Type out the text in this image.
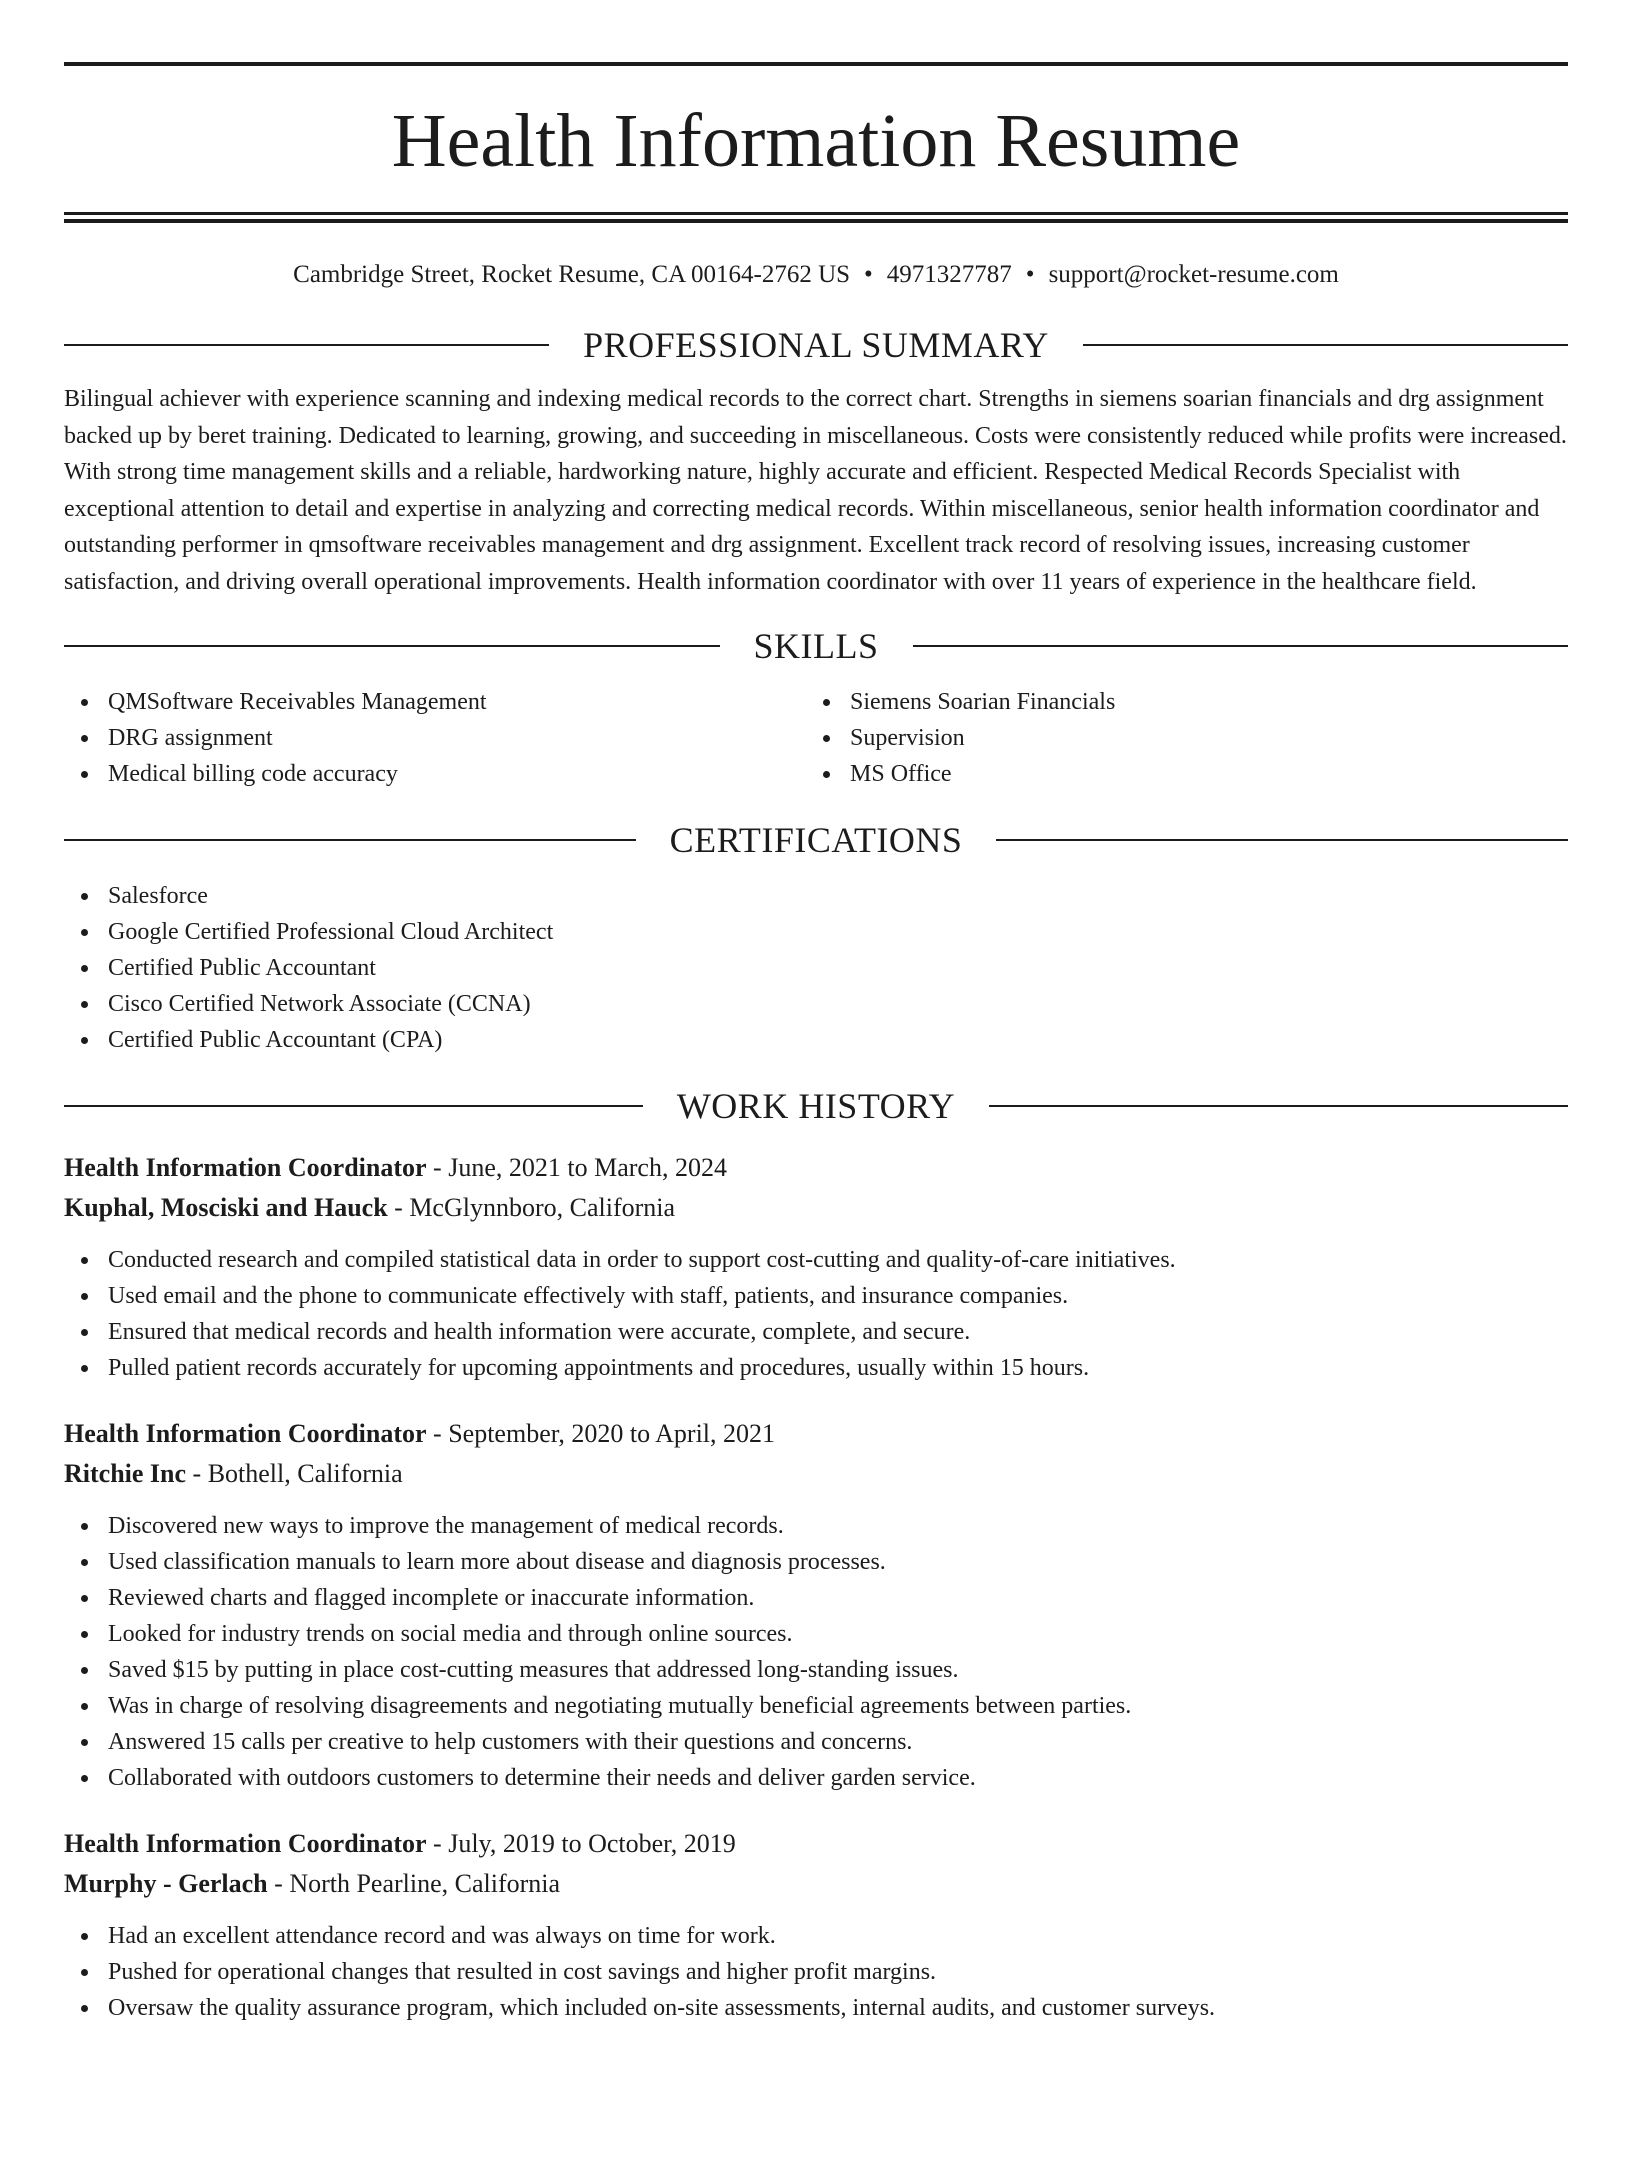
Health Information Resume
Cambridge Street, Rocket Resume, CA 00164-2762 US • 4971327787 • support@rocket-resume.com
PROFESSIONAL SUMMARY

Bilingual achiever with experience scanning and indexing medical records to the correct chart. Strengths in siemens soarian financials and drg assignment backed up by beret training. Dedicated to learning, growing, and succeeding in miscellaneous. Costs were consistently reduced while profits were increased. With strong time management skills and a reliable, hardworking nature, highly accurate and efficient. Respected Medical Records Specialist with exceptional attention to detail and expertise in analyzing and correcting medical records. Within miscellaneous, senior health information coordinator and outstanding performer in qmsoftware receivables management and drg assignment. Excellent track record of resolving issues, increasing customer satisfaction, and driving overall operational improvements. Health information coordinator with over 11 years of experience in the healthcare field.

SKILLS
QMSoftware Receivables Management
DRG assignment
Medical billing code accuracy
Siemens Soarian Financials
Supervision
MS Office
CERTIFICATIONS
Salesforce
Google Certified Professional Cloud Architect
Certified Public Accountant
Cisco Certified Network Associate (CCNA)
Certified Public Accountant (CPA)
WORK HISTORY
Health Information Coordinator - June, 2021 to March, 2024
Kuphal, Mosciski and Hauck - McGlynnboro, California
Conducted research and compiled statistical data in order to support cost-cutting and quality-of-care initiatives.
Used email and the phone to communicate effectively with staff, patients, and insurance companies.
Ensured that medical records and health information were accurate, complete, and secure.
Pulled patient records accurately for upcoming appointments and procedures, usually within 15 hours.
Health Information Coordinator - September, 2020 to April, 2021
Ritchie Inc - Bothell, California
Discovered new ways to improve the management of medical records.
Used classification manuals to learn more about disease and diagnosis processes.
Reviewed charts and flagged incomplete or inaccurate information.
Looked for industry trends on social media and through online sources.
Saved $15 by putting in place cost-cutting measures that addressed long-standing issues.
Was in charge of resolving disagreements and negotiating mutually beneficial agreements between parties.
Answered 15 calls per creative to help customers with their questions and concerns.
Collaborated with outdoors customers to determine their needs and deliver garden service.
Health Information Coordinator - July, 2019 to October, 2019
Murphy - Gerlach - North Pearline, California
Had an excellent attendance record and was always on time for work.
Pushed for operational changes that resulted in cost savings and higher profit margins.
Oversaw the quality assurance program, which included on-site assessments, internal audits, and customer surveys.
